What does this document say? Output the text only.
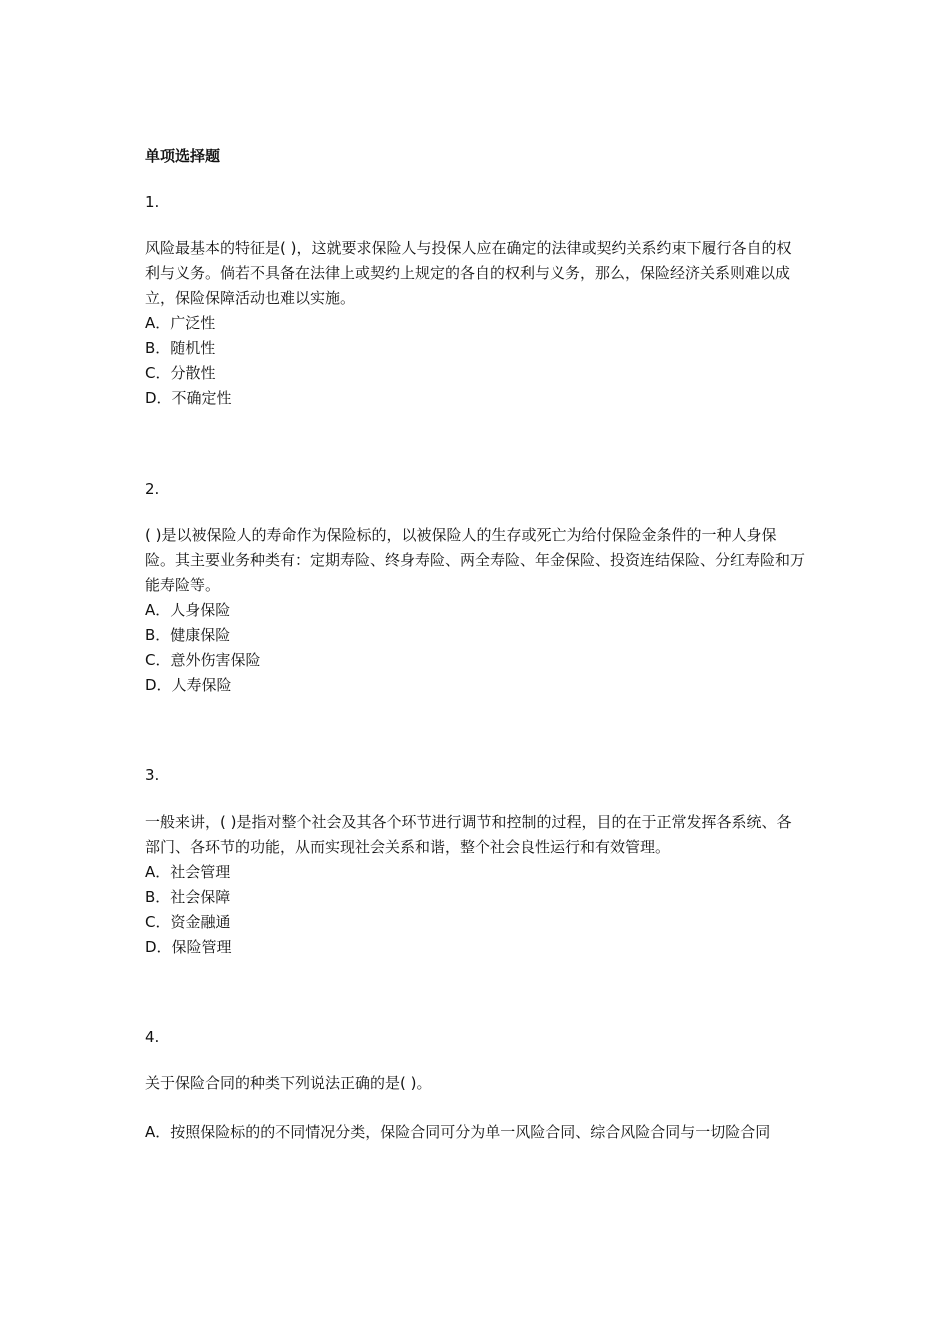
单项选择题
1.
风险最基本的特征是( )，这就要求保险人与投保人应在确定的法律或契约关系约束下履行各自的权利与义务。倘若不具备在法律上或契约上规定的各自的权利与义务，那么，保险经济关系则难以成立，保险保障活动也难以实施。
A．广泛性
B．随机性
C．分散性
D．不确定性
2.
( )是以被保险人的寿命作为保险标的，以被保险人的生存或死亡为给付保险金条件的一种人身保险。其主要业务种类有：定期寿险、终身寿险、两全寿险、年金保险、投资连结保险、分红寿险和万能寿险等。
A．人身保险
B．健康保险
C．意外伤害保险
D．人寿保险
3.
一般来讲，( )是指对整个社会及其各个环节进行调节和控制的过程，目的在于正常发挥各系统、各部门、各环节的功能，从而实现社会关系和谐，整个社会良性运行和有效管理。
A．社会管理
B．社会保障
C．资金融通
D．保险管理
4.
关于保险合同的种类下列说法正确的是( )。
A．按照保险标的的不同情况分类，保险合同可分为单一风险合同、综合风险合同与一切险合同
